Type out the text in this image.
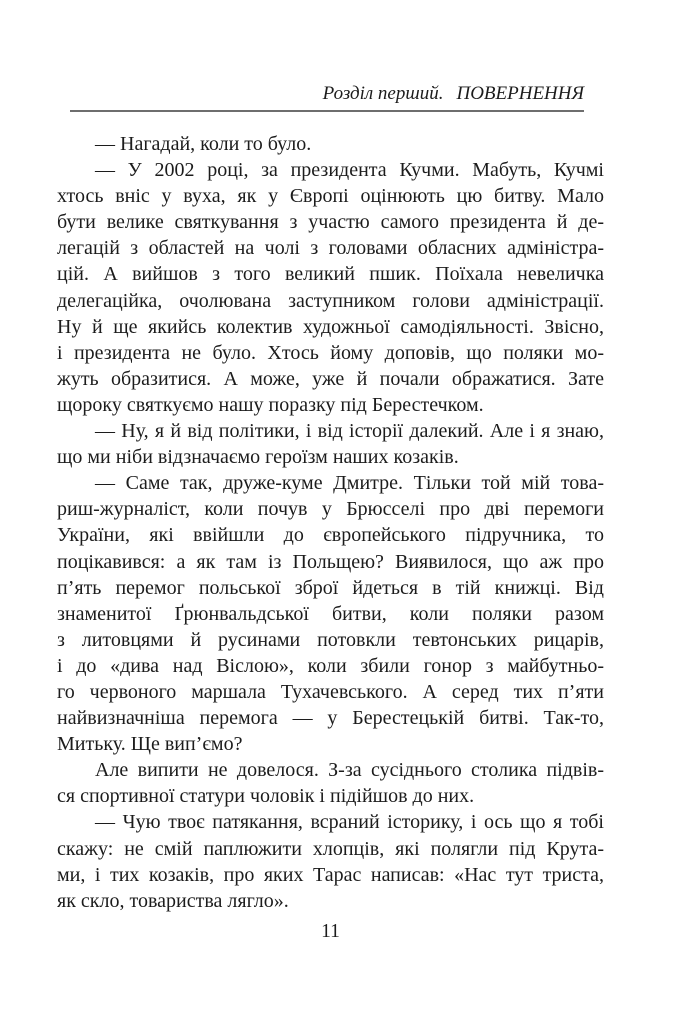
Розділ перший. ПОВЕРНЕННЯ
— Нагадай, коли то було.
— У 2002 році, за президента Кучми. Мабуть, Кучмі
хтось вніс у вуха, як у Європі оцінюють цю битву. Мало
бути велике святкування з участю самого президента й де-
легацій з областей на чолі з головами обласних адміністра-
цій. А вийшов з того великий пшик. Поїхала невеличка
делегаційка, очолювана заступником голови адміністрації.
Ну й ще якийсь колектив художньої самодіяльності. Звісно,
і президента не було. Хтось йому доповів, що поляки мо-
жуть образитися. А може, уже й почали ображатися. Зате
щороку святкуємо нашу поразку під Берестечком.
— Ну, я й від політики, і від історії далекий. Але і я знаю,
що ми ніби відзначаємо героїзм наших козаків.
— Саме так, друже-куме Дмитре. Тільки той мій това-
риш-журналіст, коли почув у Брюсселі про дві перемоги
України, які ввійшли до європейського підручника, то
поцікавився: а як там із Польщею? Виявилося, що аж про
п’ять перемог польської зброї йдеться в тій книжці. Від
знаменитої Ґрюнвальдської битви, коли поляки разом
з литовцями й русинами потовкли тевтонських рицарів,
і до «дива над Віслою», коли збили гонор з майбутньо-
го червоного маршала Тухачевського. А серед тих п’яти
найвизначніша перемога — у Берестецькій битві. Так-то,
Митьку. Ще вип’ємо?
Але випити не довелося. З-за сусіднього столика підвів-
ся спортивної статури чоловік і підійшов до них.
— Чую твоє патякання, всраний історику, і ось що я тобі
скажу: не смій паплюжити хлопців, які полягли під Крута-
ми, і тих козаків, про яких Тарас написав: «Нас тут триста,
як скло, товариства лягло».
11
